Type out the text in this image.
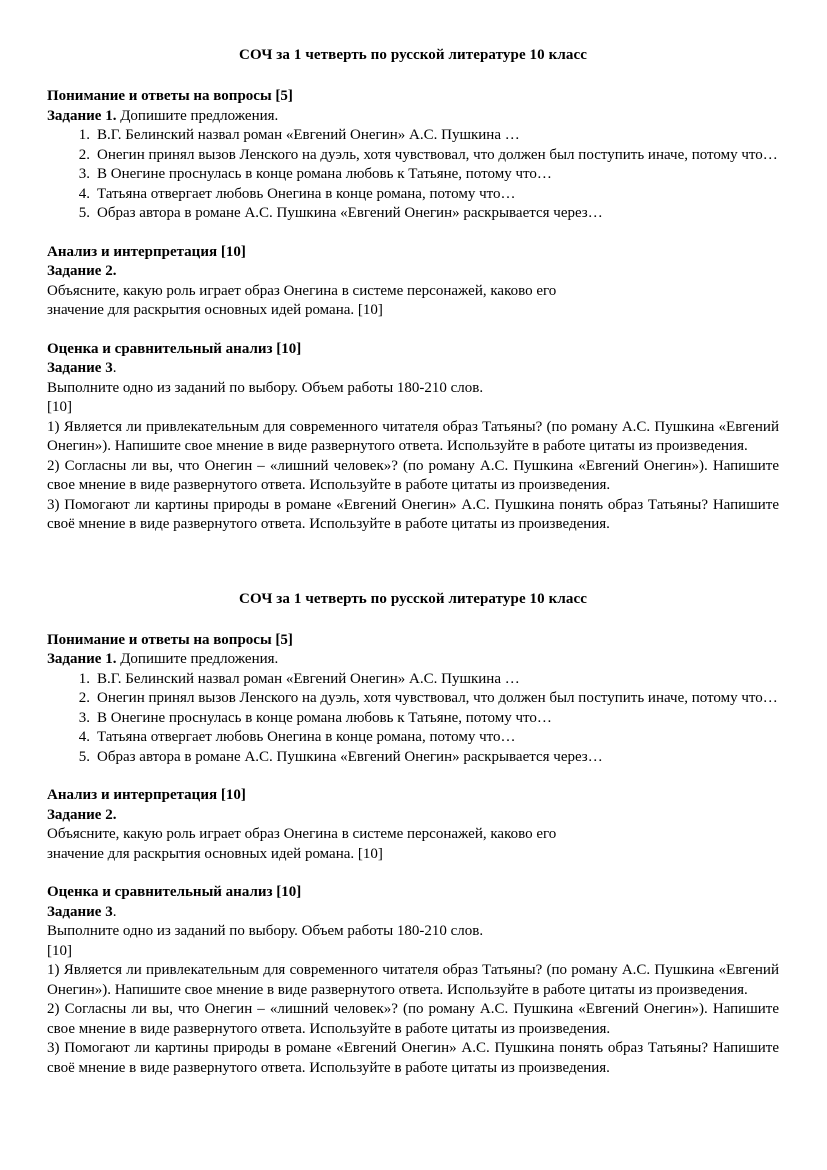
СОЧ за 1 четверть по русской литературе 10 класс
Понимание и ответы на вопросы [5]
Задание 1. Допишите предложения.
1. В.Г. Белинский назвал роман «Евгений Онегин» А.С. Пушкина …
2. Онегин принял вызов Ленского на дуэль, хотя чувствовал, что должен был поступить иначе, потому что…
3. В Онегине проснулась в конце романа любовь к Татьяне, потому что…
4. Татьяна отвергает любовь Онегина в конце романа, потому что…
5. Образ автора в романе А.С. Пушкина «Евгений Онегин» раскрывается через…
Анализ и интерпретация [10]
Задание 2.
Объясните, какую роль играет образ Онегина в системе персонажей, каково его
значение для раскрытия основных идей романа. [10]
Оценка и сравнительный анализ [10]
Задание 3.
Выполните одно из заданий по выбору. Объем работы 180-210 слов.
[10]
1) Является ли привлекательным для современного читателя образ Татьяны? (по роману А.С. Пушкина «Евгений Онегин»). Напишите свое мнение в виде развернутого ответа. Используйте в работе цитаты из произведения.
2) Согласны ли вы, что Онегин – «лишний человек»? (по роману А.С. Пушкина «Евгений Онегин»). Напишите свое мнение в виде развернутого ответа. Используйте в работе цитаты из произведения.
3) Помогают ли картины природы в романе «Евгений Онегин» А.С. Пушкина понять образ Татьяны? Напишите своё мнение в виде развернутого ответа. Используйте в работе цитаты из произведения.
СОЧ за 1 четверть по русской литературе 10 класс
Понимание и ответы на вопросы [5]
Задание 1. Допишите предложения.
1. В.Г. Белинский назвал роман «Евгений Онегин» А.С. Пушкина …
2. Онегин принял вызов Ленского на дуэль, хотя чувствовал, что должен был поступить иначе, потому что…
3. В Онегине проснулась в конце романа любовь к Татьяне, потому что…
4. Татьяна отвергает любовь Онегина в конце романа, потому что…
5. Образ автора в романе А.С. Пушкина «Евгений Онегин» раскрывается через…
Анализ и интерпретация [10]
Задание 2.
Объясните, какую роль играет образ Онегина в системе персонажей, каково его
значение для раскрытия основных идей романа. [10]
Оценка и сравнительный анализ [10]
Задание 3.
Выполните одно из заданий по выбору. Объем работы 180-210 слов.
[10]
1) Является ли привлекательным для современного читателя образ Татьяны? (по роману А.С. Пушкина «Евгений Онегин»). Напишите свое мнение в виде развернутого ответа. Используйте в работе цитаты из произведения.
2) Согласны ли вы, что Онегин – «лишний человек»? (по роману А.С. Пушкина «Евгений Онегин»). Напишите свое мнение в виде развернутого ответа. Используйте в работе цитаты из произведения.
3) Помогают ли картины природы в романе «Евгений Онегин» А.С. Пушкина понять образ Татьяны? Напишите своё мнение в виде развернутого ответа. Используйте в работе цитаты из произведения.
